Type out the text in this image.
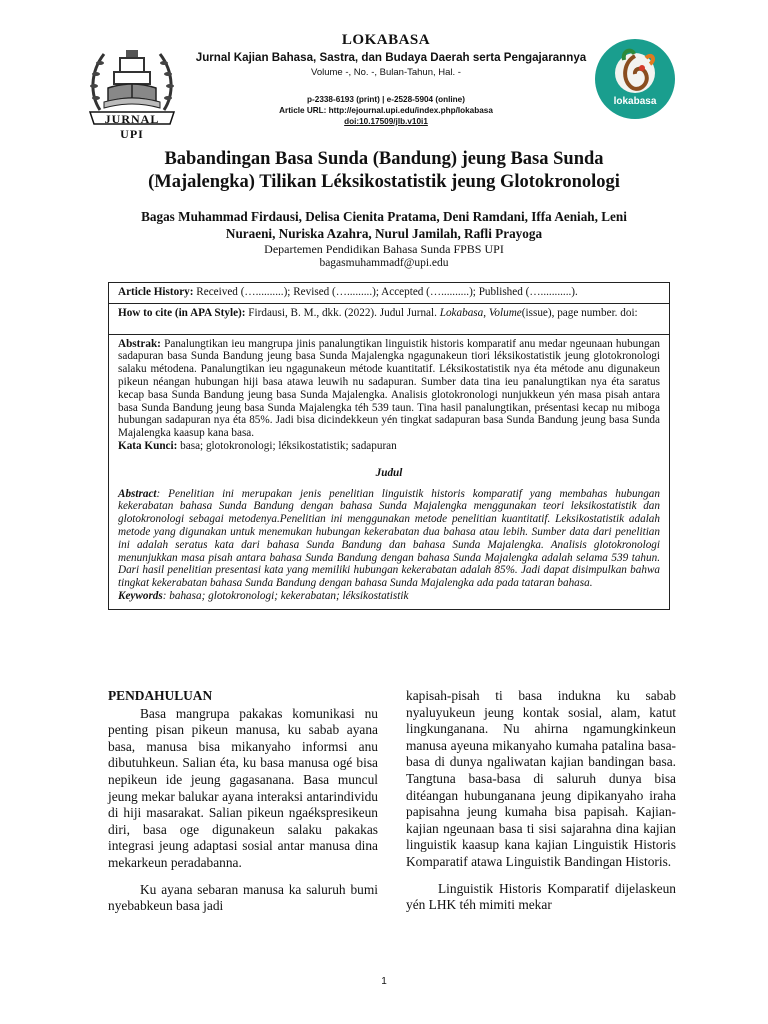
JURNAL UPI
LOKABASA
Jurnal Kajian Bahasa, Sastra, dan Budaya Daerah serta Pengajarannya
Volume -, No. -, Bulan-Tahun, Hal. -
p-2338-6193 (print) | e-2528-5904 (online)
Article URL: http://ejournal.upi.edu/index.php/lokabasa
doi:10.17509/jlb.v10i1
lokabasa
Babandingan Basa Sunda (Bandung) jeung Basa Sunda
(Majalengka) Tilikan Léksikostatistik jeung Glotokronologi
Bagas Muhammad Firdausi, Delisa Cienita Pratama, Deni Ramdani, Iffa Aeniah, Leni
Nuraeni, Nuriska Azahra, Nurul Jamilah, Rafli Prayoga
Departemen Pendidikan Bahasa Sunda FPBS UPI
bagasmuhammadf@upi.edu
Article History: Received (…..........); Revised (….........); Accepted (…..........); Published (…...........).
How to cite (in APA Style): Firdausi, B. M., dkk. (2022). Judul Jurnal. Lokabasa, Volume(issue), page number. doi:
Abstrak: Panalungtikan ieu mangrupa jinis panalungtikan linguistik historis komparatif anu medar ngeunaan hubungan sadapuran basa Sunda Bandung jeung basa Sunda Majalengka ngagunakeun tiori léksikostatistik jeung glotokronologi salaku métodena. Panalungtikan ieu ngagunakeun métode kuantitatif. Léksikostatistik nya éta métode anu digunakeun pikeun néangan hubungan hiji basa atawa leuwih nu sadapuran. Sumber data tina ieu panalungtikan nya éta saratus kecap basa Sunda Bandung jeung basa Sunda Majalengka. Analisis glotokronologi nunjukkeun yén masa pisah antara basa Sunda Bandung jeung basa Sunda Majalengka téh 539 taun. Tina hasil panalungtikan, présentasi kecap nu miboga hubungan sadapuran nya éta 85%. Jadi bisa dicindekkeun yén tingkat sadapuran basa Sunda Bandung jeung basa Sunda Majalengka kaasup kana basa.
Kata Kunci: basa; glotokronologi; léksikostatistik; sadapuran
Judul
Abstract: Penelitian ini merupakan jenis penelitian linguistik historis komparatif yang membahas hubungan kekerabatan bahasa Sunda Bandung dengan bahasa Sunda Majalengka menggunakan teori leksikostatistik dan glotokronologi sebagai metodenya.Penelitian ini menggunakan metode penelitian kuantitatif. Leksikostatistik adalah metode yang digunakan untuk menemukan hubungan kekerabatan dua bahasa atau lebih. Sumber data dari penelitian ini adalah seratus kata dari bahasa Sunda Bandung dan bahasa Sunda Majalengka. Analisis glotokronologi menunjukkan masa pisah antara bahasa Sunda Bandung dengan bahasa Sunda Majalengka adalah selama 539 tahun. Dari hasil penelitian presentasi kata yang memiliki hubungan kekerabatan adalah 85%. Jadi dapat disimpulkan bahwa tingkat kekerabatan bahasa Sunda Bandung dengan bahasa Sunda Majalengka ada pada tataran bahasa.
Keywords: bahasa; glotokronologi; kekerabatan; léksikostatistik
PENDAHULUAN

Basa mangrupa pakakas komunikasi nu penting pisan pikeun manusa, ku sabab ayana basa, manusa bisa mikanyaho informsi anu dibutuhkeun. Salian éta, ku basa manusa ogé bisa nepikeun ide jeung gagasanana. Basa muncul jeung mekar balukar ayana interaksi antarindividu di hiji masarakat. Salian pikeun ngaékspresikeun diri, basa oge digunakeun salaku pakakas integrasi jeung adaptasi sosial antar manusa dina mekarkeun peradabanna.

Ku ayana sebaran manusa ka saluruh bumi nyebabkeun basa jadi

kapisah-pisah ti basa indukna ku sabab nyaluyukeun jeung kontak sosial, alam, katut lingkunganana. Nu ahirna ngamungkinkeun manusa ayeuna mikanyaho kumaha patalina basa-basa di dunya ngaliwatan kajian bandingan basa. Tangtuna basa-basa di saluruh dunya bisa ditéangan hubunganana jeung dipikanyaho iraha papisahna jeung kumaha bisa papisah. Kajian-kajian ngeunaan basa ti sisi sajarahna dina kajian linguistik kaasup kana kajian Linguistik Historis Komparatif atawa Linguistik Bandingan Historis.

Linguistik Historis Komparatif dijelaskeun yén LHK téh mimiti mekar

1
